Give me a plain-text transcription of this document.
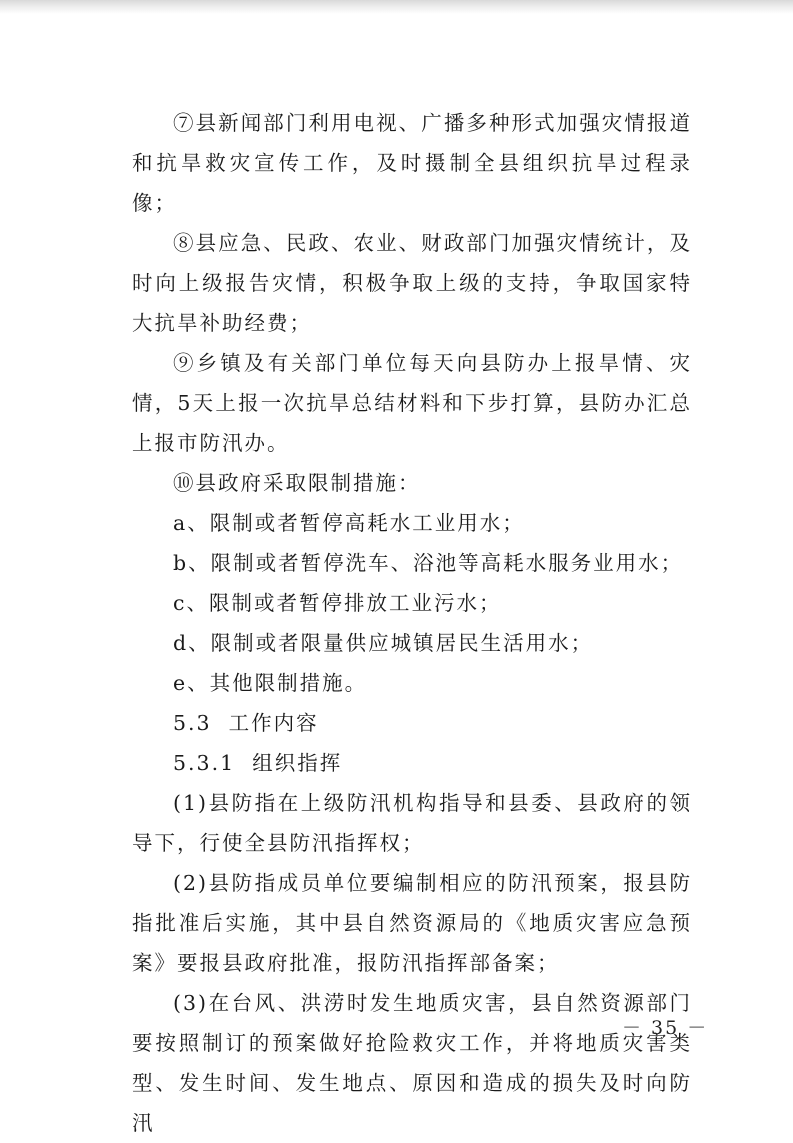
⑦县新闻部门利用电视、广播多种形式加强灾情报道和抗旱救灾宣传工作，及时摄制全县组织抗旱过程录像；

⑧县应急、民政、农业、财政部门加强灾情统计，及时向上级报告灾情，积极争取上级的支持，争取国家特大抗旱补助经费；

⑨乡镇及有关部门单位每天向县防办上报旱情、灾情，5天上报一次抗旱总结材料和下步打算，县防办汇总上报市防汛办。

⑩县政府采取限制措施：

a、限制或者暂停高耗水工业用水；

b、限制或者暂停洗车、浴池等高耗水服务业用水；

c、限制或者暂停排放工业污水；

d、限制或者限量供应城镇居民生活用水；

e、其他限制措施。

5.3  工作内容

5.3.1  组织指挥

(1)县防指在上级防汛机构指导和县委、县政府的领导下，行使全县防汛指挥权；

(2)县防指成员单位要编制相应的防汛预案，报县防指批准后实施，其中县自然资源局的《地质灾害应急预案》要报县政府批准，报防汛指挥部备案；

(3)在台风、洪涝时发生地质灾害，县自然资源部门要按照制订的预案做好抢险救灾工作，并将地质灾害类型、发生时间、发生地点、原因和造成的损失及时向防汛

－ 35 －
